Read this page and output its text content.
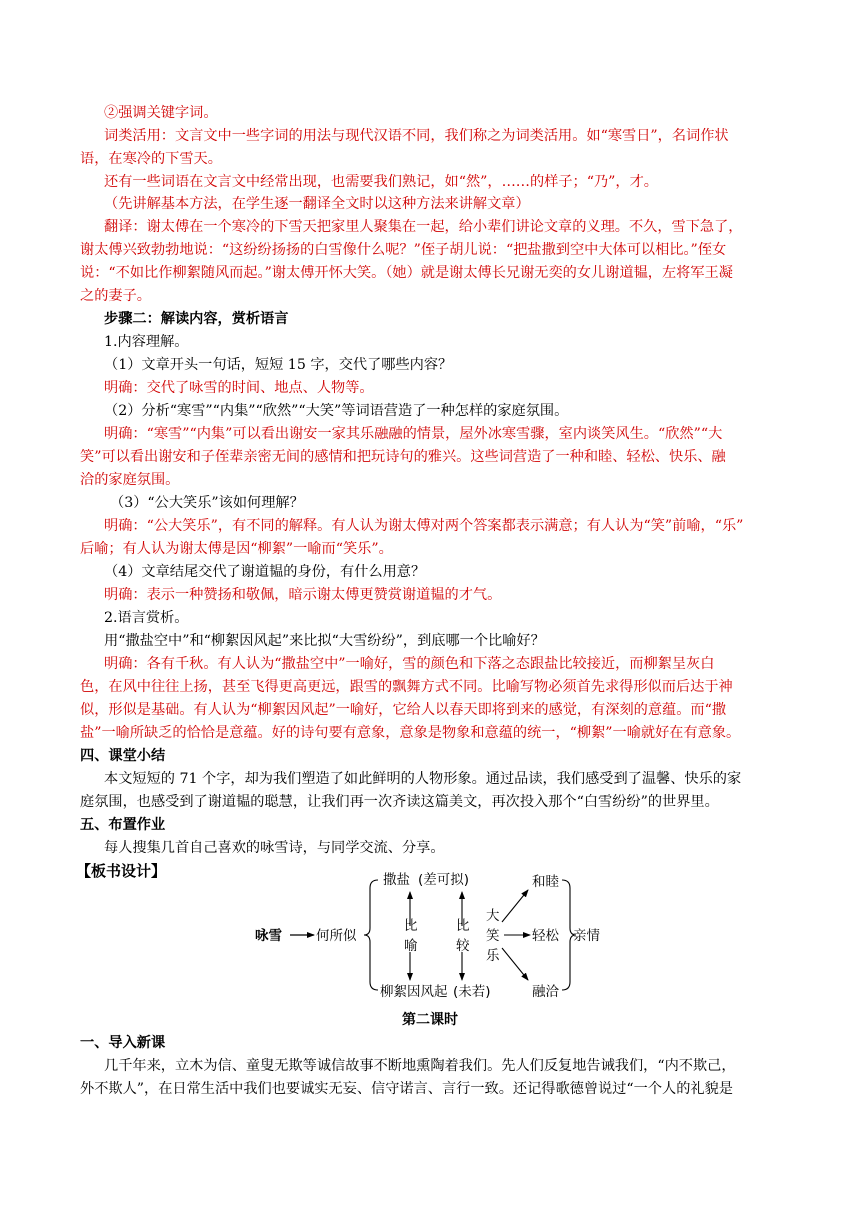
②强调关键字词。
词类活用：文言文中一些字词的用法与现代汉语不同，我们称之为词类活用。如“寒雪日”，名词作状
语，在寒冷的下雪天。
还有一些词语在文言文中经常出现，也需要我们熟记，如“然”，……的样子；“乃”，才。
（先讲解基本方法，在学生逐一翻译全文时以这种方法来讲解文章）
翻译：谢太傅在一个寒冷的下雪天把家里人聚集在一起，给小辈们讲论文章的义理。不久，雪下急了，
谢太傅兴致勃勃地说：“这纷纷扬扬的白雪像什么呢？”侄子胡儿说：“把盐撒到空中大体可以相比。”侄女
说：“不如比作柳絮随风而起。”谢太傅开怀大笑。（她）就是谢太傅长兄谢无奕的女儿谢道韫，左将军王凝
之的妻子。
步骤二：解读内容，赏析语言
1.内容理解。
（1）文章开头一句话，短短 15 字，交代了哪些内容？
明确：交代了咏雪的时间、地点、人物等。
（2）分析“寒雪”“内集”“欣然”“大笑”等词语营造了一种怎样的家庭氛围。
明确：“寒雪”“内集”可以看出谢安一家其乐融融的情景，屋外冰寒雪骤，室内谈笑风生。“欣然”“大
笑”可以看出谢安和子侄辈亲密无间的感情和把玩诗句的雅兴。这些词营造了一种和睦、轻松、快乐、融
洽的家庭氛围。
（3）“公大笑乐”该如何理解？
明确：“公大笑乐”，有不同的解释。有人认为谢太傅对两个答案都表示满意；有人认为“笑”前喻，“乐”
后喻；有人认为谢太傅是因“柳絮”一喻而“笑乐”。
（4）文章结尾交代了谢道韫的身份，有什么用意？
明确：表示一种赞扬和敬佩，暗示谢太傅更赞赏谢道韫的才气。
2.语言赏析。
用“撒盐空中”和“柳絮因风起”来比拟“大雪纷纷”，到底哪一个比喻好？
明确：各有千秋。有人认为“撒盐空中”一喻好，雪的颜色和下落之态跟盐比较接近，而柳絮呈灰白
色，在风中往往上扬，甚至飞得更高更远，跟雪的飘舞方式不同。比喻写物必须首先求得形似而后达于神
似，形似是基础。有人认为“柳絮因风起”一喻好，它给人以春天即将到来的感觉，有深刻的意蕴。而“撒
盐”一喻所缺乏的恰恰是意蕴。好的诗句要有意象，意象是物象和意蕴的统一，“柳絮”一喻就好在有意象。
四、课堂小结
本文短短的 71 个字，却为我们塑造了如此鲜明的人物形象。通过品读，我们感受到了温馨、快乐的家
庭氛围，也感受到了谢道韫的聪慧，让我们再一次齐读这篇美文，再次投入那个“白雪纷纷”的世界里。
五、布置作业
每人搜集几首自己喜欢的咏雪诗，与同学交流、分享。
【板书设计】
咏雪	何所似
撒盐 (差可拟)
比
喻
比
较
柳絮因风起 (未若)
大
笑
乐
和睦
轻松
融洽
亲情
第二课时
一、导入新课
几千年来，立木为信、童叟无欺等诚信故事不断地熏陶着我们。先人们反复地告诫我们，“内不欺己，
外不欺人”，在日常生活中我们也要诚实无妄、信守诺言、言行一致。还记得歌德曾说过“一个人的礼貌是
